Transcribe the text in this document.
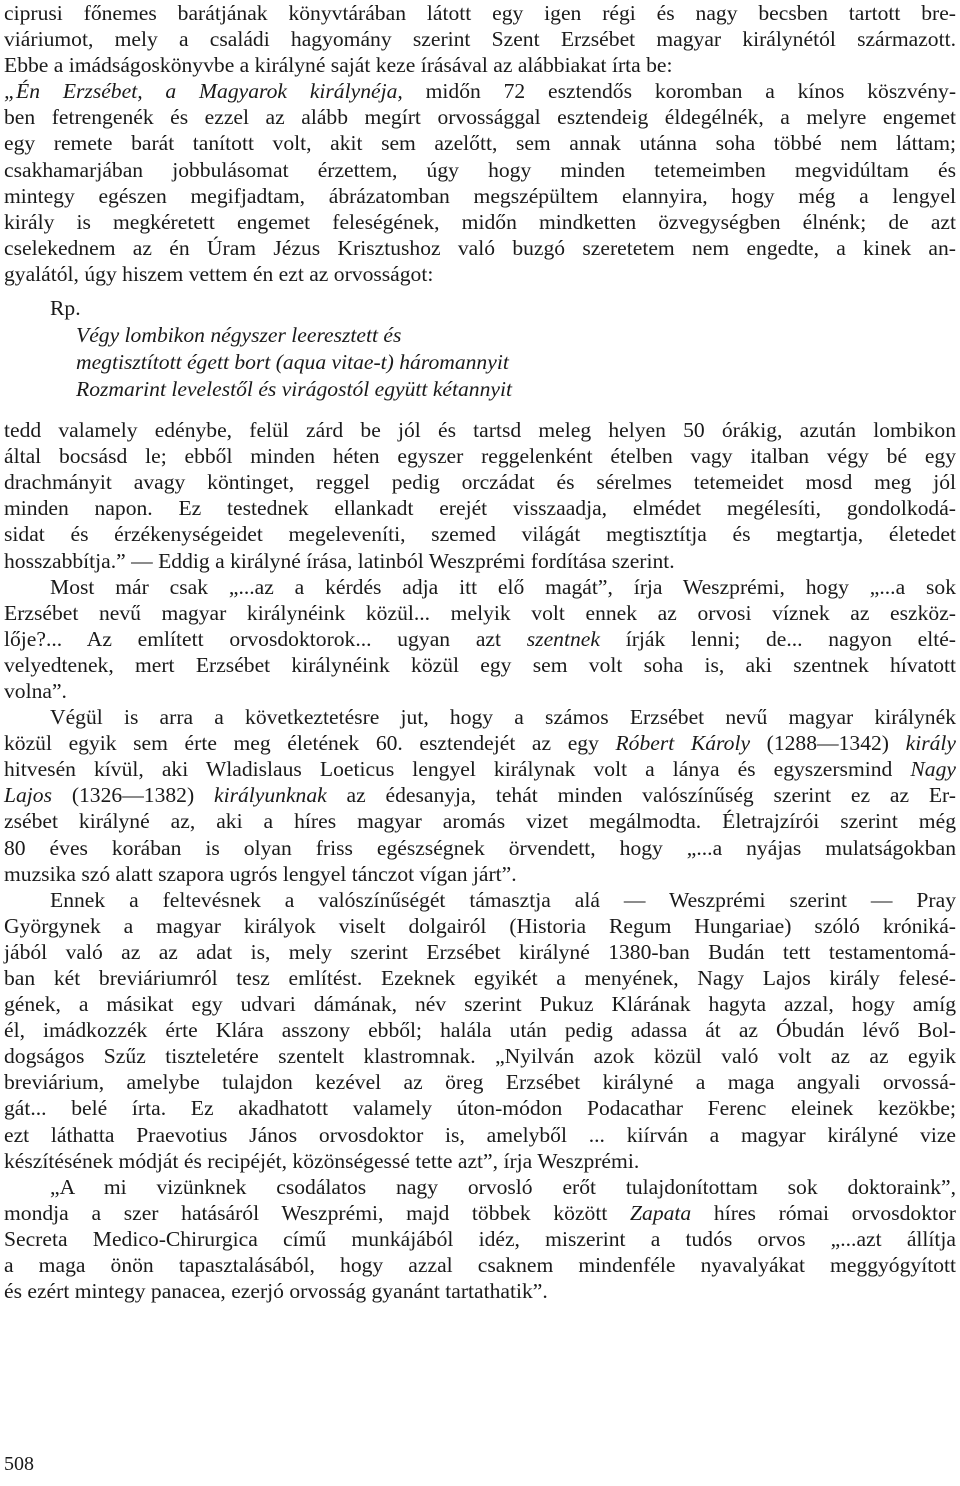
ciprusi főnemes barátjának könyvtárában látott egy igen régi és nagy becsben tartott bre-
viáriumot, mely a családi hagyomány szerint Szent Erzsébet magyar királynétól származott.
Ebbe a imádságoskönyvbe a királyné saját keze írásával az alábbiakat írta be:

„Én Erzsébet, a Magyarok királynéja, midőn 72 esztendős koromban a kínos köszvény-
ben fetrengenék és ezzel az alább megírt orvossággal esztendeig éldegélnék, a melyre engemet
egy remete barát tanított volt, akit sem azelőtt, sem annak utánna soha többé nem láttam;
csakhamarjában jobbulásomat érzettem, úgy hogy minden tetemeimben megvidúltam és
mintegy egészen megifjadtam, ábrázatomban megszépültem elannyira, hogy még a lengyel
király is megkéretett engemet feleségének, midőn mindketten özvegységben élnénk; de azt
cselekednem az én Úram Jézus Krisztushoz való buzgó szeretetem nem engedte, a kinek an-
gyalától, úgy hiszem vettem én ezt az orvosságot:

Rp.
Végy lombikon négyszer leeresztett és
megtisztított égett bort (aqua vitae-t) háromannyit
Rozmarint levelestől és virágostól együtt kétannyit

tedd valamely edénybe, felül zárd be jól és tartsd meleg helyen 50 órákig, azután lombikon
által bocsásd le; ebből minden héten egyszer reggelenként ételben vagy italban végy bé egy
drachmányit avagy köntinget, reggel pedig orczádat és sérelmes tetemeidet mosd meg jól
minden napon. Ez testednek ellankadt erejét visszaadja, elmédet megélesíti, gondolkodá-
sidat és érzékenységeidet megeleveníti, szemed világát megtisztítja és megtartja, életedet
hosszabbítja.” — Eddig a királyné írása, latinból Weszprémi fordítása szerint.

Most már csak „...az a kérdés adja itt elő magát”, írja Weszprémi, hogy „...a sok
Erzsébet nevű magyar királynéink közül... melyik volt ennek az orvosi víznek az eszköz-
lője?... Az említett orvosdoktorok... ugyan azt szentnek írják lenni; de... nagyon elté-
velyedtenek, mert Erzsébet királynéink közül egy sem volt soha is, aki szentnek hívatott
volna”.

Végül is arra a következtetésre jut, hogy a számos Erzsébet nevű magyar királynék
közül egyik sem érte meg életének 60. esztendejét az egy Róbert Károly (1288—1342) király
hitvesén kívül, aki Wladislaus Loeticus lengyel királynak volt a lánya és egyszersmind Nagy
Lajos (1326—1382) királyunknak az édesanyja, tehát minden valószínűség szerint ez az Er-
zsébet királyné az, aki a híres magyar aromás vizet megálmodta. Életrajzírói szerint még
80 éves korában is olyan friss egészségnek örvendett, hogy „...a nyájas mulatságokban
muzsika szó alatt szapora ugrós lengyel tánczot vígan járt”.

Ennek a feltevésnek a valószínűségét támasztja alá — Weszprémi szerint — Pray
Györgynek a magyar királyok viselt dolgairól (Historia Regum Hungariae) szóló króniká-
jából való az az adat is, mely szerint Erzsébet királyné 1380-ban Budán tett testamentomá-
ban két breviáriumról tesz említést. Ezeknek egyikét a menyének, Nagy Lajos király felesé-
gének, a másikat egy udvari dámának, név szerint Pukuz Klárának hagyta azzal, hogy amíg
él, imádkozzék érte Klára asszony ebből; halála után pedig adassa át az Óbudán lévő Bol-
dogságos Szűz tiszteletére szentelt klastromnak. „Nyilván azok közül való volt az az egyik
breviárium, amelybe tulajdon kezével az öreg Erzsébet királyné a maga angyali orvossá-
gát... belé írta. Ez akadhatott valamely úton-módon Podacathar Ferenc eleinek kezökbe;
ezt láthatta Praevotius János orvosdoktor is, amelyből ... kiírván a magyar királyné vize
készítésének módját és recipéjét, közönségessé tette azt”, írja Weszprémi.

„A mi vizünknek csodálatos nagy orvosló erőt tulajdonítottam sok doktoraink”,
mondja a szer hatásáról Weszprémi, majd többek között Zapata híres római orvosdoktor
Secreta Medico-Chirurgica című munkájából idéz, miszerint a tudós orvos „...azt állítja
a maga önön tapasztalásából, hogy azzal csaknem mindenféle nyavalyákat meggyógyított
és ezért mintegy panacea, ezerjó orvosság gyanánt tartathatik”.

508
